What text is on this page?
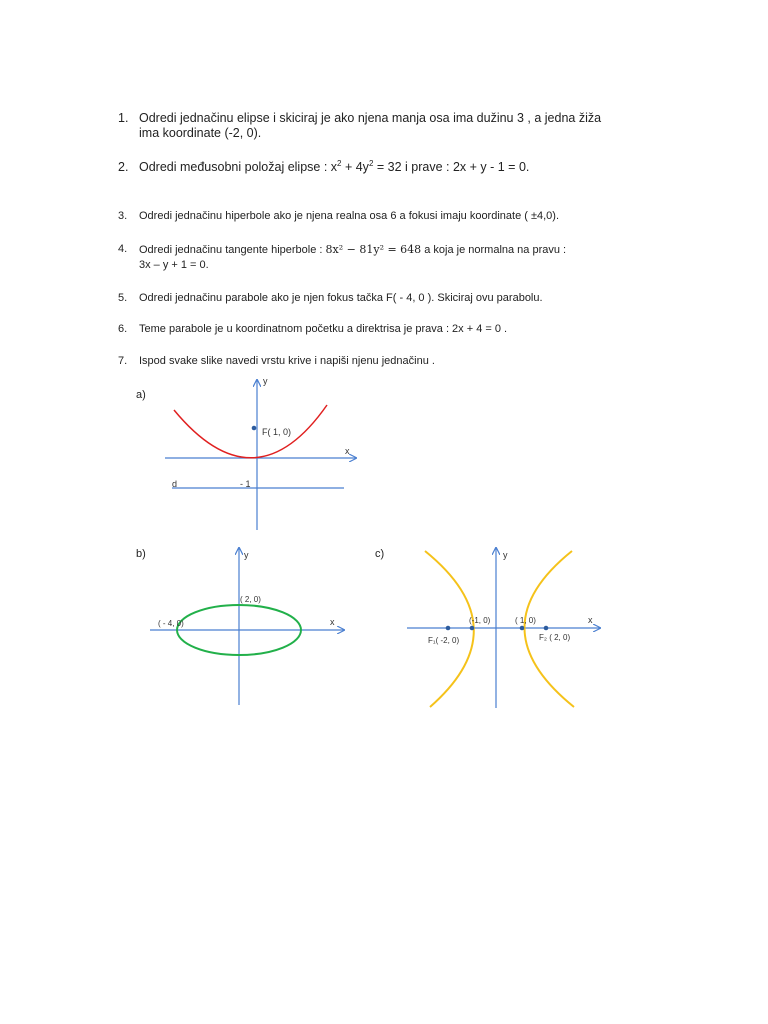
1. Odredi jednačinu elipse i skiciraj je ako njena manja osa ima dužinu 3 , a jedna žiža
ima koordinate (-2, 0).
2. Odredi međusobni položaj elipse : $x^2 + 4y^2 = 32$ i prave : 2x + y - 1 = 0.
3.	Odredi jednačinu hiperbole ako je njena realna osa 6 a fokusi imaju koordinate ( ±4,0).
4.	Odredi jednačinu tangente hiperbole : 8x² − 81y² = 648 a koja je normalna na pravu :
3x – y + 1 = 0.
5.	Odredi jednačinu parabole ako je njen fokus tačka F( - 4, 0 ). Skiciraj ovu parabolu.
6.	Teme parabole je u koordinatnom početku a direktrisa je prava : 2x + 4 = 0 .
7.	Ispod svake slike navedi vrstu krive i napiši njenu jednačinu .
a)
b)	c)
y
x
F( 1, 0)
d	- 1
y
x
( 2, 0)
( - 4, 0)
y
x
(-1, 0)	( 1, 0)
F₁( -2, 0)	F₂ ( 2, 0)
